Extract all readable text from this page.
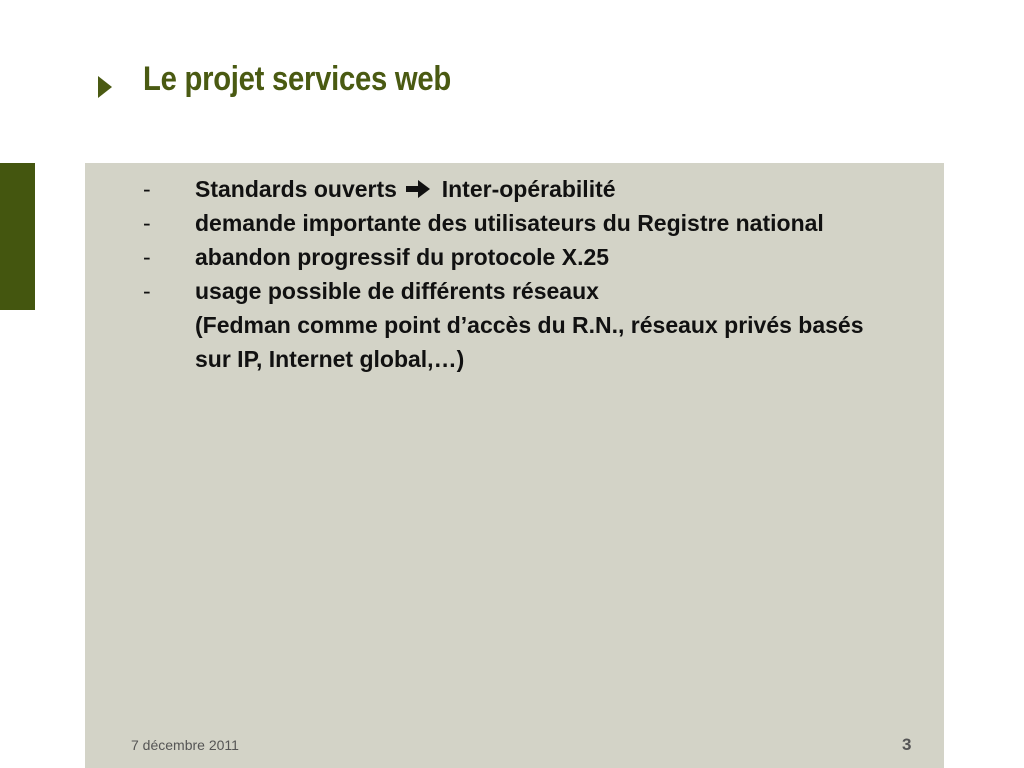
Le projet services web
- Standards ouverts Inter-opérabilité
- demande importante des utilisateurs du Registre national
- abandon progressif du protocole X.25
- usage possible de différents réseaux
(Fedman comme point d’accès du R.N., réseaux privés basés sur IP, Internet global,…)
7 décembre 2011	3
